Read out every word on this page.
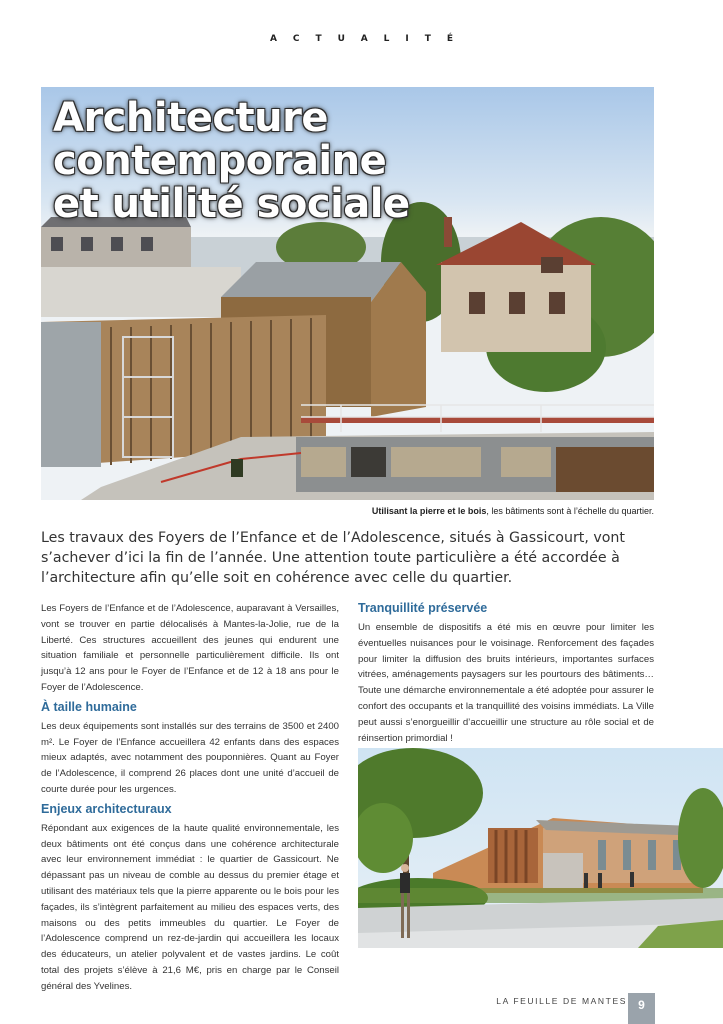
ACTUALITÉ
Architecture contemporaine
et utilité sociale
Utilisant la pierre et le bois, les bâtiments sont à l’échelle du quartier.

Les travaux des Foyers de l’Enfance et de l’Adolescence, situés à Gassicourt, vont s’achever d’ici la fin de l’année. Une attention toute particulière a été accordée à l’architecture afin qu’elle soit en cohérence avec celle du quartier.

Les Foyers de l’Enfance et de l’Adolescence, auparavant à Versailles, vont se trouver en partie délocalisés à Mantes-la-Jolie, rue de la Liberté. Ces structures accueillent des jeunes qui endurent une situation familiale et personnelle particulièrement difficile. Ils ont jusqu’à 12 ans pour le Foyer de l’Enfance et de 12 à 18 ans pour le Foyer de l’Adolescence.

À taille humaine

Les deux équipements sont installés sur des terrains de 3500 et 2400 m². Le Foyer de l’Enfance accueillera 42 enfants dans des espaces mieux adaptés, avec notamment des pouponnières. Quant au Foyer de l’Adolescence, il comprend 26 places dont une unité d’accueil de courte durée pour les urgences.

Enjeux architecturaux

Répondant aux exigences de la haute qualité environnementale, les deux bâtiments ont été conçus dans une cohérence architecturale avec leur environnement immédiat : le quartier de Gassicourt. Ne dépassant pas un niveau de comble au dessus du premier étage et utilisant des matériaux tels que la pierre apparente ou le bois pour les façades, ils s’intègrent parfaitement au milieu des espaces verts, des maisons ou des petits immeubles du quartier. Le Foyer de l’Adolescence comprend un rez-de-jardin qui accueillera les locaux des éducateurs, un atelier polyvalent et de vastes jardins. Le coût total des projets s’élève à 21,6 M€, pris en charge par le Conseil général des Yvelines.

Tranquillité préservée

Un ensemble de dispositifs a été mis en œuvre pour limiter les éventuelles nuisances pour le voisinage. Renforcement des façades pour limiter la diffusion des bruits intérieurs, importantes surfaces vitrées, aménagements paysagers sur les pourtours des bâtiments… Toute une démarche environnementale a été adoptée pour assurer le confort des occupants et la tranquillité des voisins immédiats. La Ville peut aussi s’enorgueillir d’accueillir une structure au rôle social et de réinsertion primordial !

LA FEUILLE DE MANTES 9
